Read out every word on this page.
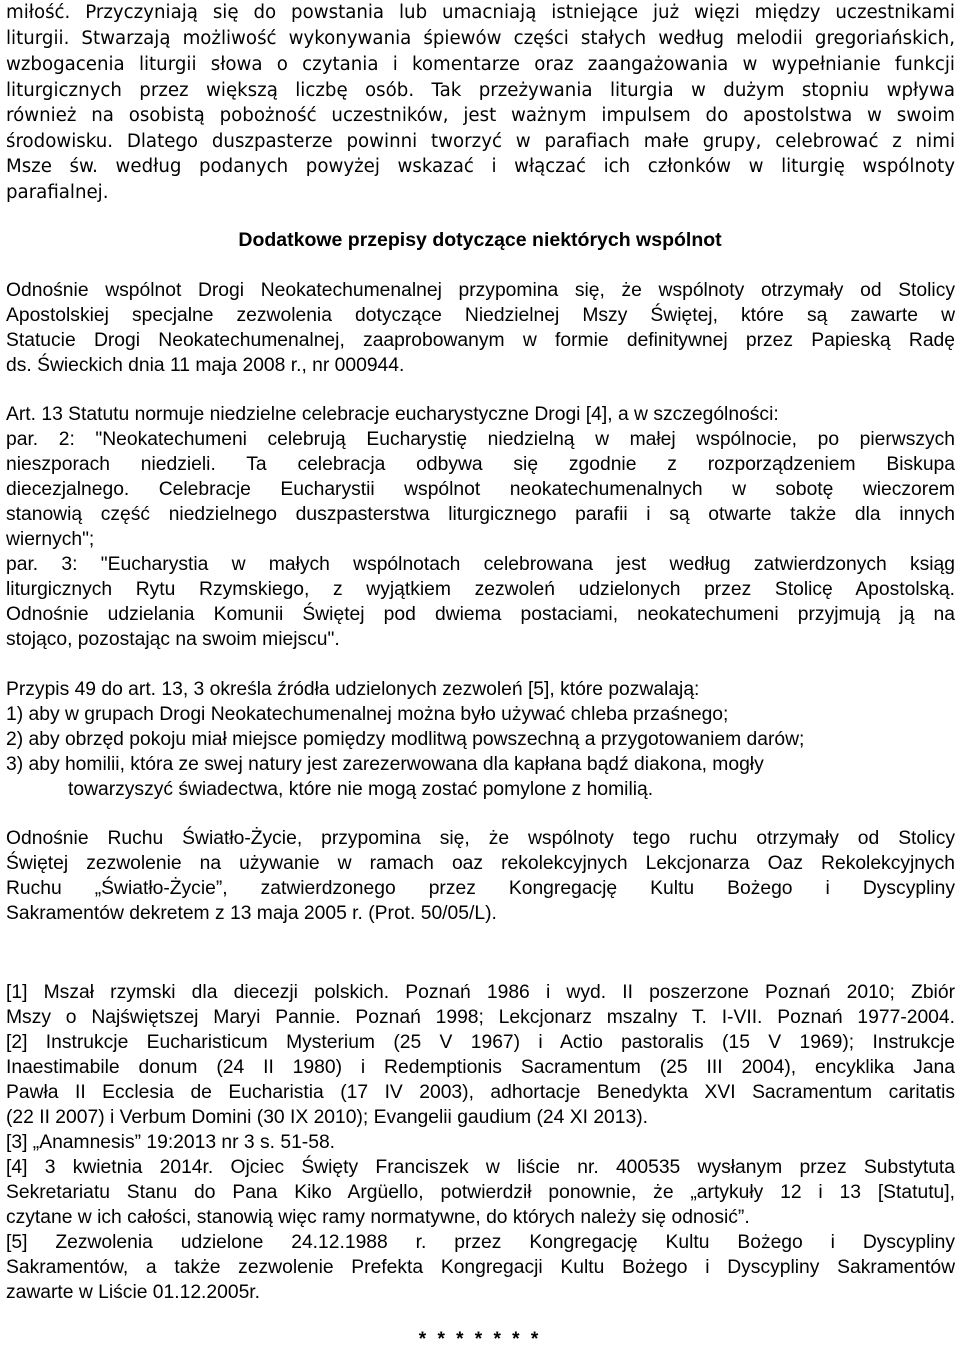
miłość. Przyczyniają się do powstania lub umacniają istniejące już więzi między uczestnikami
liturgii. Stwarzają możliwość wykonywania śpiewów części stałych według melodii gregoriańskich,
wzbogacenia liturgii słowa o czytania i komentarze oraz zaangażowania w wypełnianie funkcji
liturgicznych przez większą liczbę osób. Tak przeżywania liturgia w dużym stopniu wpływa
również na osobistą pobożność uczestników, jest ważnym impulsem do apostolstwa w swoim
środowisku. Dlatego duszpasterze powinni tworzyć w parafiach małe grupy, celebrować z nimi
Msze św. według podanych powyżej wskazać i włączać ich członków w liturgię wspólnoty
parafialnej.
Dodatkowe przepisy dotyczące niektórych wspólnot
Odnośnie wspólnot Drogi Neokatechumenalnej przypomina się, że wspólnoty otrzymały od Stolicy
Apostolskiej specjalne zezwolenia dotyczące Niedzielnej Mszy Świętej, które są zawarte w
Statucie Drogi Neokatechumenalnej, zaaprobowanym w formie definitywnej przez Papieską Radę
ds. Świeckich dnia 11 maja 2008 r., nr 000944.
Art. 13 Statutu normuje niedzielne celebracje eucharystyczne Drogi [4], a w szczególności:
par. 2: "Neokatechumeni celebrują Eucharystię niedzielną w małej wspólnocie, po pierwszych
nieszporach niedzieli. Ta celebracja odbywa się zgodnie z rozporządzeniem Biskupa
diecezjalnego. Celebracje Eucharystii wspólnot neokatechumenalnych w sobotę wieczorem
stanowią część niedzielnego duszpasterstwa liturgicznego parafii i są otwarte także dla innych
wiernych";
par. 3: "Eucharystia w małych wspólnotach celebrowana jest według zatwierdzonych ksiąg
liturgicznych Rytu Rzymskiego, z wyjątkiem zezwoleń udzielonych przez Stolicę Apostolską.
Odnośnie udzielania Komunii Świętej pod dwiema postaciami, neokatechumeni przyjmują ją na
stojąco, pozostając na swoim miejscu".
Przypis 49 do art. 13, 3 określa źródła udzielonych zezwoleń [5], które pozwalają:
1) aby w grupach Drogi Neokatechumenalnej można było używać chleba przaśnego;
2) aby obrzęd pokoju miał miejsce pomiędzy modlitwą powszechną a przygotowaniem darów;
3) aby homilii, która ze swej natury jest zarezerwowana dla kapłana bądź diakona, mogły
towarzyszyć świadectwa, które nie mogą zostać pomylone z homilią.
Odnośnie Ruchu Światło-Życie, przypomina się, że wspólnoty tego ruchu otrzymały od Stolicy
Świętej zezwolenie na używanie w ramach oaz rekolekcyjnych Lekcjonarza Oaz Rekolekcyjnych
Ruchu „Światło-Życie”, zatwierdzonego przez Kongregację Kultu Bożego i Dyscypliny
Sakramentów dekretem z 13 maja 2005 r. (Prot. 50/05/L).
[1] Mszał rzymski dla diecezji polskich. Poznań 1986 i wyd. II poszerzone Poznań 2010; Zbiór
Mszy o Najświętszej Maryi Pannie. Poznań 1998; Lekcjonarz mszalny T. I-VII. Poznań 1977-2004.
[2] Instrukcje Eucharisticum Mysterium (25 V 1967) i Actio pastoralis (15 V 1969); Instrukcje
Inaestimabile donum (24 II 1980) i Redemptionis Sacramentum (25 III 2004), encyklika Jana
Pawła II Ecclesia de Eucharistia (17 IV 2003), adhortacje Benedykta XVI Sacramentum caritatis
(22 II 2007) i Verbum Domini (30 IX 2010); Evangelii gaudium (24 XI 2013).
[3] „Anamnesis” 19:2013 nr 3 s. 51-58.
[4] 3 kwietnia 2014r. Ojciec Święty Franciszek w liście nr. 400535 wysłanym przez Substytuta
Sekretariatu Stanu do Pana Kiko Argüello, potwierdził ponownie, że „artykuły 12 i 13 [Statutu],
czytane w ich całości, stanowią więc ramy normatywne, do których należy się odnosić”.
[5] Zezwolenia udzielone 24.12.1988 r. przez Kongregację Kultu Bożego i Dyscypliny
Sakramentów, a także zezwolenie Prefekta Kongregacji Kultu Bożego i Dyscypliny Sakramentów
zawarte w Liście 01.12.2005r.
* * * * * * *
